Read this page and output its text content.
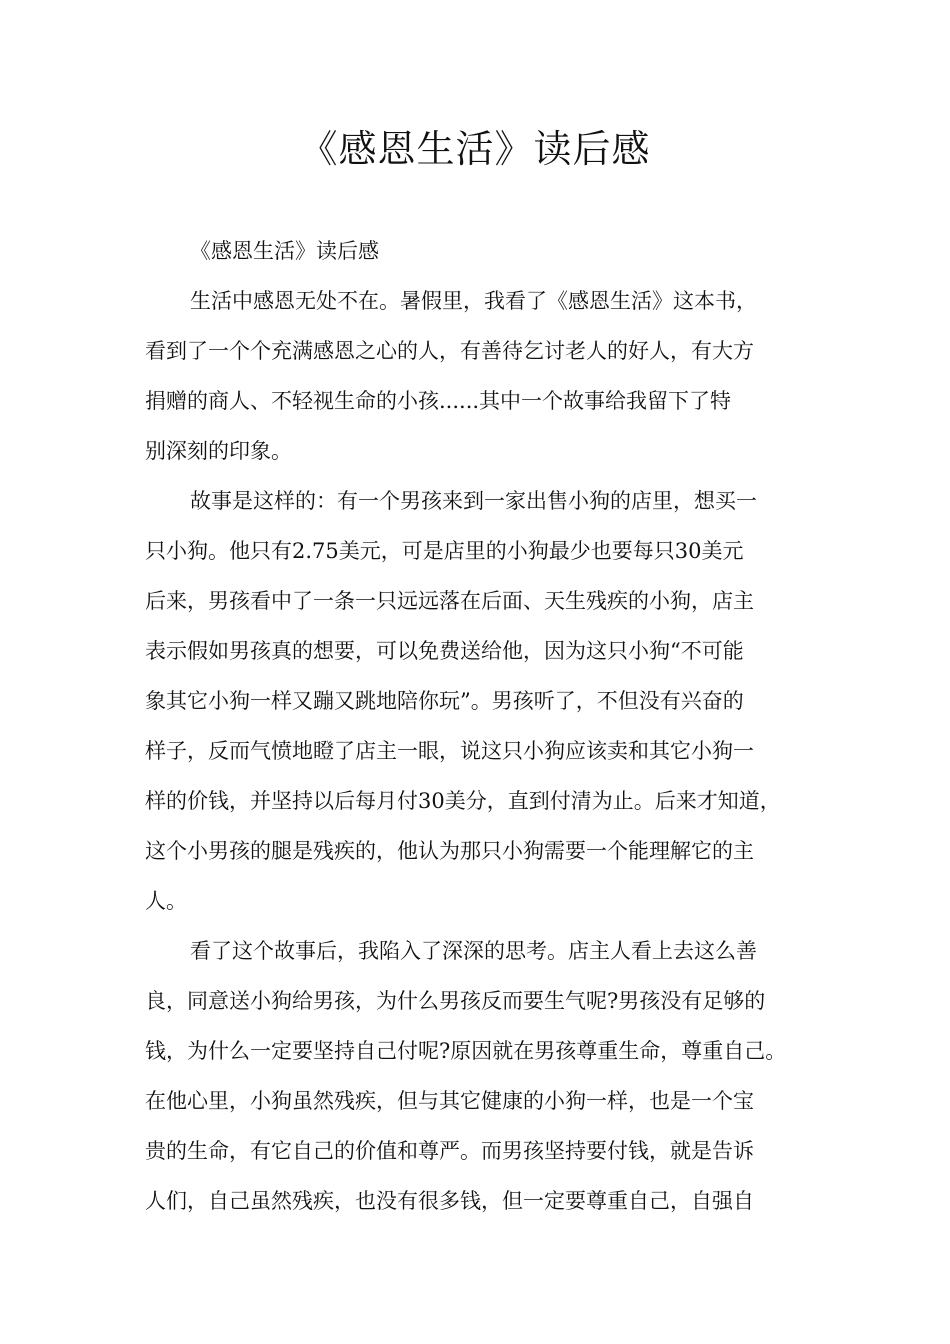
《感恩生活》读后感

《感恩生活》读后感

生活中感恩无处不在。暑假里，我看了《感恩生活》这本书，

看到了一个个充满感恩之心的人，有善待乞讨老人的好人，有大方

捐赠的商人、不轻视生命的小孩......其中一个故事给我留下了特

别深刻的印象。

故事是这样的：有一个男孩来到一家出售小狗的店里，想买一

只小狗。他只有2.75美元，可是店里的小狗最少也要每只30美元

后来，男孩看中了一条一只远远落在后面、天生残疾的小狗，店主

表示假如男孩真的想要，可以免费送给他，因为这只小狗“不可能

象其它小狗一样又蹦又跳地陪你玩”。男孩听了，不但没有兴奋的

样子，反而气愤地瞪了店主一眼，说这只小狗应该卖和其它小狗一

样的价钱，并坚持以后每月付30美分，直到付清为止。后来才知道，

这个小男孩的腿是残疾的，他认为那只小狗需要一个能理解它的主

人。

看了这个故事后，我陷入了深深的思考。店主人看上去这么善

良，同意送小狗给男孩，为什么男孩反而要生气呢?男孩没有足够的

钱，为什么一定要坚持自己付呢?原因就在男孩尊重生命，尊重自己。

在他心里，小狗虽然残疾，但与其它健康的小狗一样，也是一个宝

贵的生命，有它自己的价值和尊严。而男孩坚持要付钱，就是告诉

人们，自己虽然残疾，也没有很多钱，但一定要尊重自己，自强自
